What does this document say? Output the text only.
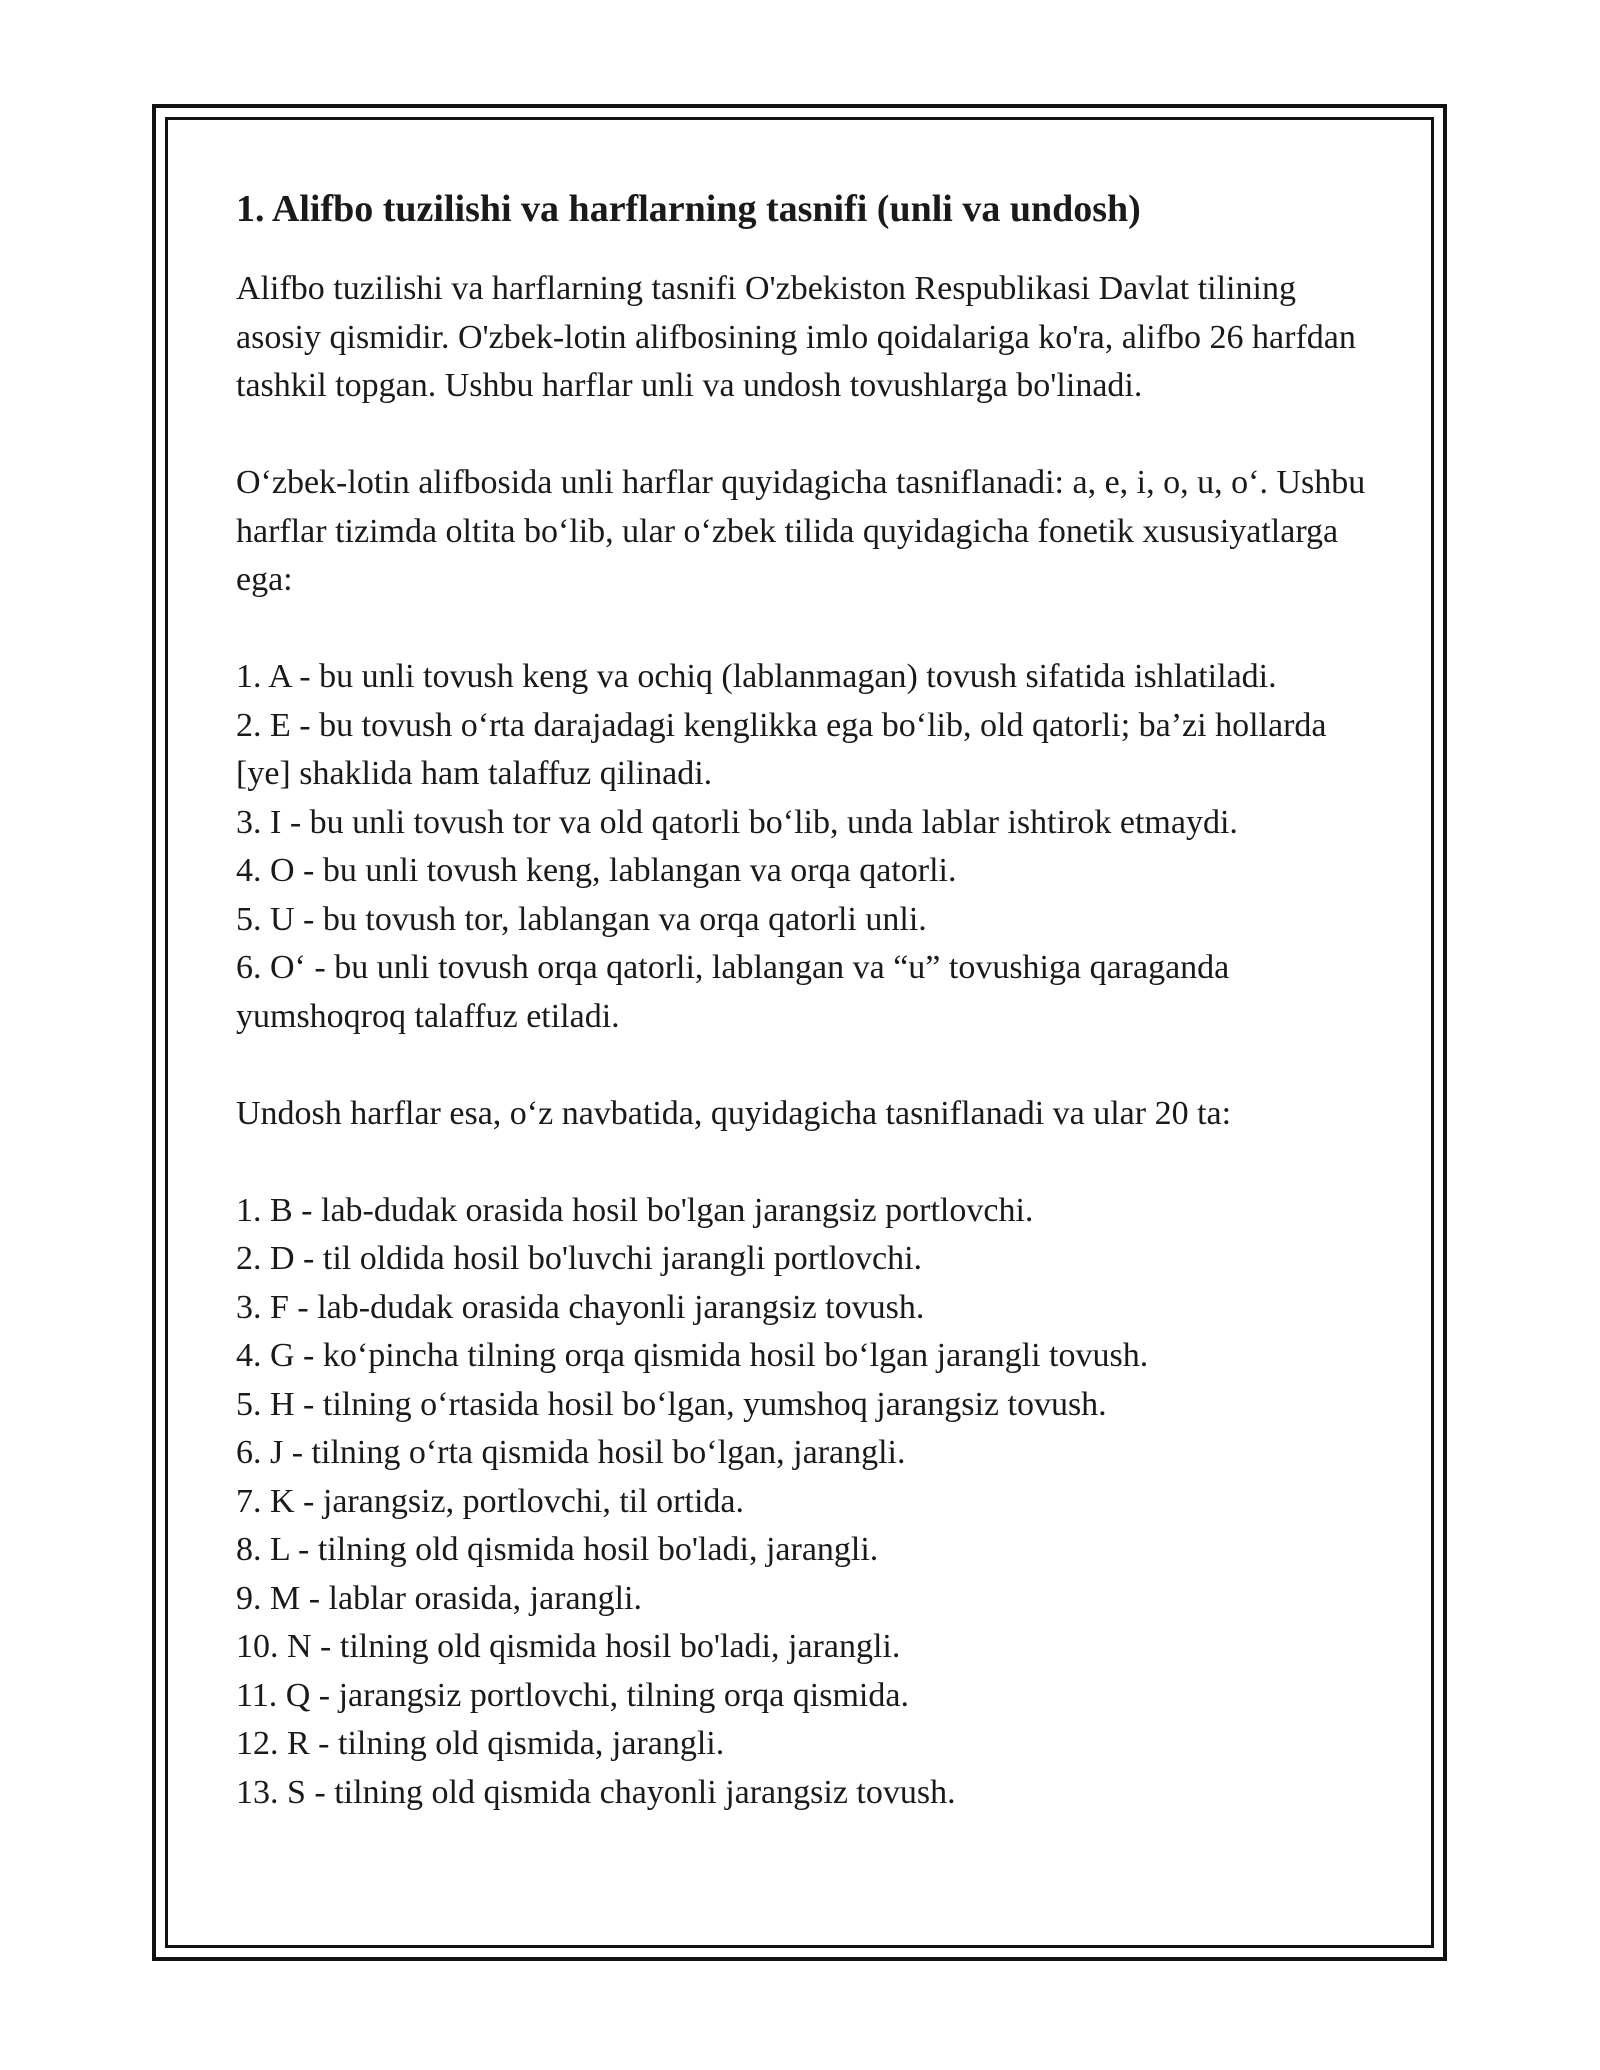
1. Alifbo tuzilishi va harflarning tasnifi (unli va undosh)

Alifbo tuzilishi va harflarning tasnifi O'zbekiston Respublikasi Davlat tilining asosiy qismidir. O'zbek-lotin alifbosining imlo qoidalariga ko'ra, alifbo 26 harfdan tashkil topgan. Ushbu harflar unli va undosh tovushlarga bo'linadi.

O‘zbek-lotin alifbosida unli harflar quyidagicha tasniflanadi: a, e, i, o, u, o‘. Ushbu harflar tizimda oltita bo‘lib, ular o‘zbek tilida quyidagicha fonetik xususiyatlarga ega:

1. A - bu unli tovush keng va ochiq (lablanmagan) tovush sifatida ishlatiladi.
2. E - bu tovush o‘rta darajadagi kenglikka ega bo‘lib, old qatorli; ba’zi hollarda [ye] shaklida ham talaffuz qilinadi.
3. I - bu unli tovush tor va old qatorli bo‘lib, unda lablar ishtirok etmaydi.
4. O - bu unli tovush keng, lablangan va orqa qatorli.
5. U - bu tovush tor, lablangan va orqa qatorli unli.
6. O‘ - bu unli tovush orqa qatorli, lablangan va “u” tovushiga qaraganda yumshoqroq talaffuz etiladi.

Undosh harflar esa, o‘z navbatida, quyidagicha tasniflanadi va ular 20 ta:

1. B - lab-dudak orasida hosil bo'lgan jarangsiz portlovchi.
2. D - til oldida hosil bo'luvchi jarangli portlovchi.
3. F - lab-dudak orasida chayonli jarangsiz tovush.
4. G - ko‘pincha tilning orqa qismida hosil bo‘lgan jarangli tovush.
5. H - tilning o‘rtasida hosil bo‘lgan, yumshoq jarangsiz tovush.
6. J - tilning o‘rta qismida hosil bo‘lgan, jarangli.
7. K - jarangsiz, portlovchi, til ortida.
8. L - tilning old qismida hosil bo'ladi, jarangli.
9. M - lablar orasida, jarangli.
10. N - tilning old qismida hosil bo'ladi, jarangli.
11. Q - jarangsiz portlovchi, tilning orqa qismida.
12. R - tilning old qismida, jarangli.
13. S - tilning old qismida chayonli jarangsiz tovush.
